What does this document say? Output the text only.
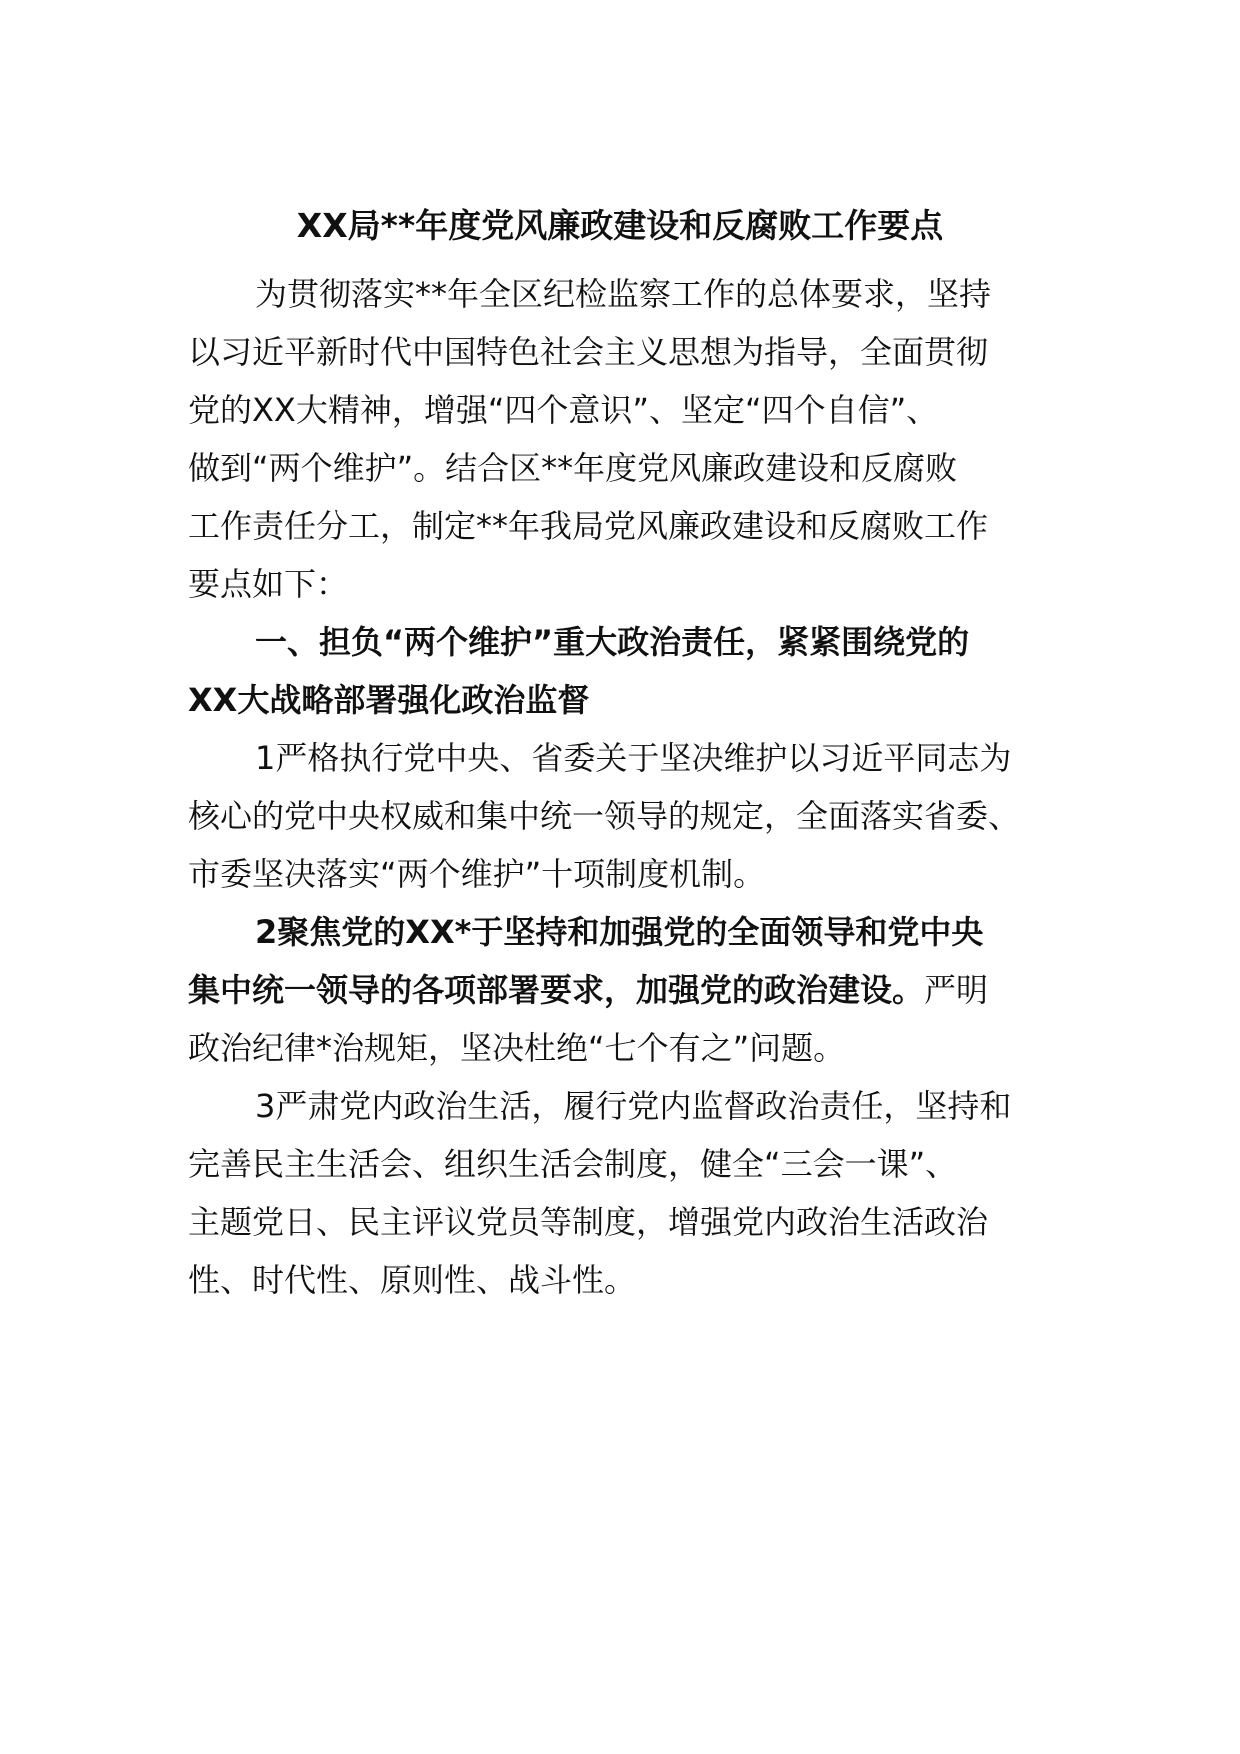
XX局**年度党风廉政建设和反腐败工作要点

为贯彻落实**年全区纪检监察工作的总体要求，坚持

以习近平新时代中国特色社会主义思想为指导，全面贯彻

党的XX大精神，增强“四个意识”、坚定“四个自信”、

做到“两个维护”。结合区**年度党风廉政建设和反腐败

工作责任分工，制定**年我局党风廉政建设和反腐败工作

要点如下：

一、担负“两个维护”重大政治责任，紧紧围绕党的

XX大战略部署强化政治监督

1严格执行党中央、省委关于坚决维护以习近平同志为

核心的党中央权威和集中统一领导的规定，全面落实省委、

市委坚决落实“两个维护”十项制度机制。

2聚焦党的XX*于坚持和加强党的全面领导和党中央

集中统一领导的各项部署要求，加强党的政治建设。严明

政治纪律*治规矩，坚决杜绝“七个有之”问题。

3严肃党内政治生活，履行党内监督政治责任，坚持和

完善民主生活会、组织生活会制度，健全“三会一课”、

主题党日、民主评议党员等制度，增强党内政治生活政治

性、时代性、原则性、战斗性。
